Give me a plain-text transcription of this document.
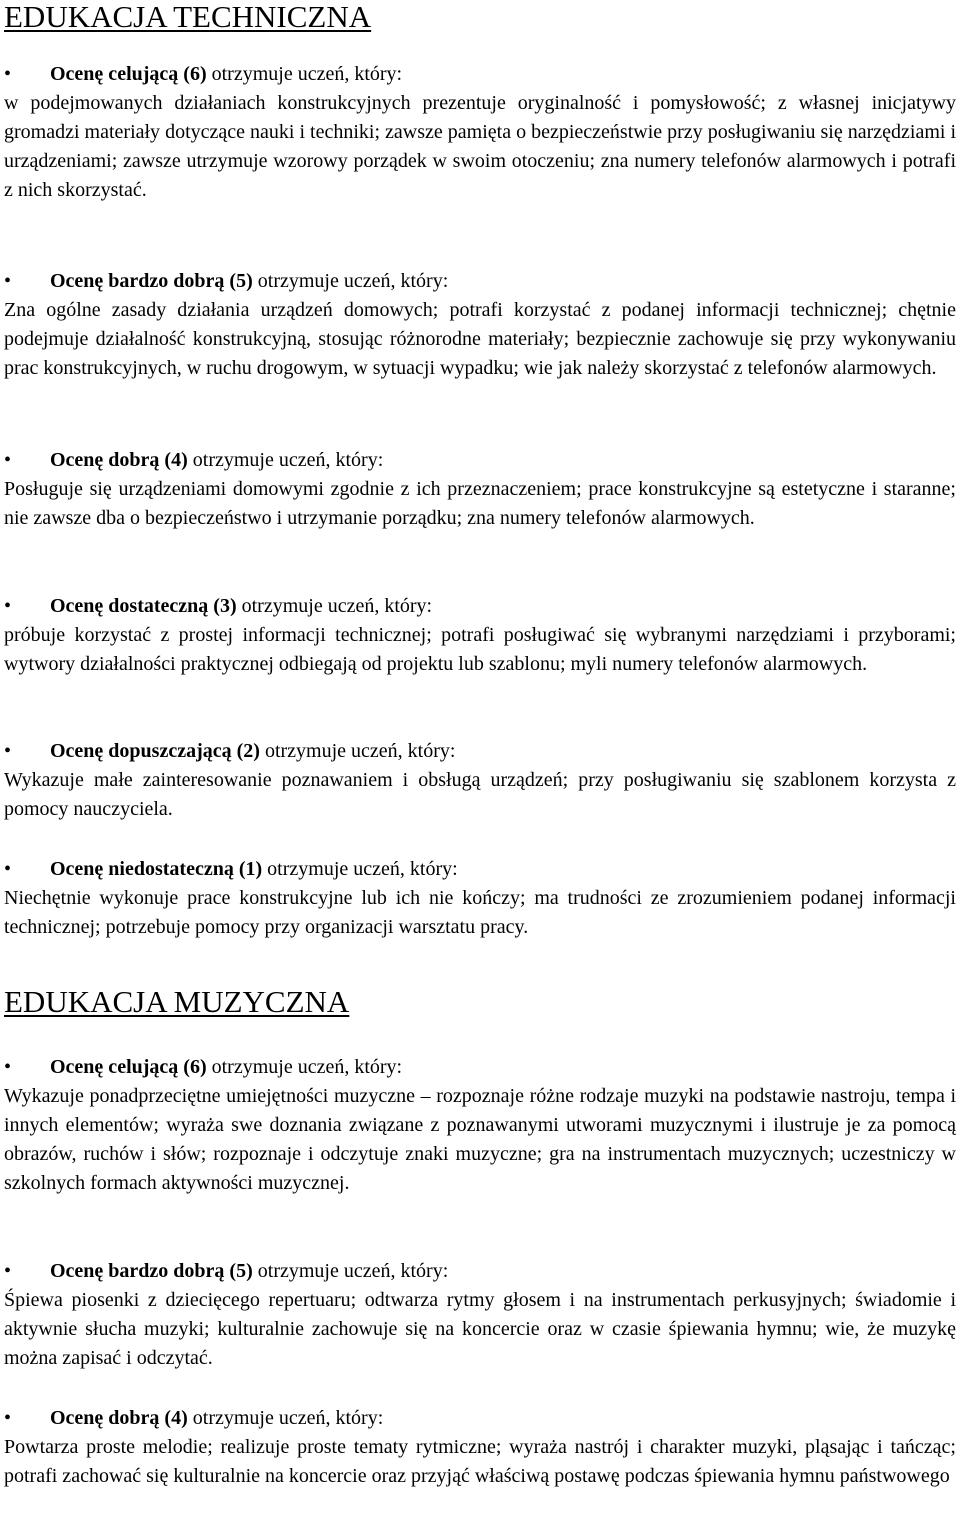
EDUKACJA TECHNICZNA
• Ocenę celującą (6) otrzymuje uczeń, który:

w podejmowanych działaniach konstrukcyjnych prezentuje oryginalność i pomysłowość; z własnej inicjatywy gromadzi materiały dotyczące nauki i techniki; zawsze pamięta o bezpieczeństwie przy posługiwaniu się narzędziami i urządzeniami; zawsze utrzymuje wzorowy porządek w swoim otoczeniu; zna numery telefonów alarmowych i potrafi z nich skorzystać.

• Ocenę bardzo dobrą (5) otrzymuje uczeń, który:

Zna ogólne zasady działania urządzeń domowych; potrafi korzystać z podanej informacji technicznej; chętnie podejmuje działalność konstrukcyjną, stosując różnorodne materiały; bezpiecznie zachowuje się przy wykonywaniu prac konstrukcyjnych, w ruchu drogowym, w sytuacji wypadku; wie jak należy skorzystać z telefonów alarmowych.

• Ocenę dobrą (4) otrzymuje uczeń, który:

Posługuje się urządzeniami domowymi zgodnie z ich przeznaczeniem; prace konstrukcyjne są estetyczne i staranne; nie zawsze dba o bezpieczeństwo i utrzymanie porządku; zna numery telefonów alarmowych.

• Ocenę dostateczną (3) otrzymuje uczeń, który:

próbuje korzystać z prostej informacji technicznej; potrafi posługiwać się wybranymi narzędziami i przyborami; wytwory działalności praktycznej odbiegają od projektu lub szablonu; myli numery telefonów alarmowych.

• Ocenę dopuszczającą (2) otrzymuje uczeń, który:

Wykazuje małe zainteresowanie poznawaniem i obsługą urządzeń; przy posługiwaniu się szablonem korzysta z pomocy nauczyciela.

• Ocenę niedostateczną (1) otrzymuje uczeń, który:

Niechętnie wykonuje prace konstrukcyjne lub ich nie kończy; ma trudności ze zrozumieniem podanej informacji technicznej; potrzebuje pomocy przy organizacji warsztatu pracy.

EDUKACJA MUZYCZNA
• Ocenę celującą (6) otrzymuje uczeń, który:

Wykazuje ponadprzeciętne umiejętności muzyczne – rozpoznaje różne rodzaje muzyki na podstawie nastroju, tempa i innych elementów; wyraża swe doznania związane z poznawanymi utworami muzycznymi i ilustruje je za pomocą obrazów, ruchów i słów; rozpoznaje i odczytuje znaki muzyczne; gra na instrumentach muzycznych; uczestniczy w szkolnych formach aktywności muzycznej.

• Ocenę bardzo dobrą (5) otrzymuje uczeń, który:

Śpiewa piosenki z dziecięcego repertuaru; odtwarza rytmy głosem i na instrumentach perkusyjnych; świadomie i aktywnie słucha muzyki; kulturalnie zachowuje się na koncercie oraz w czasie śpiewania hymnu; wie, że muzykę można zapisać i odczytać.

• Ocenę dobrą (4) otrzymuje uczeń, który:

Powtarza proste melodie; realizuje proste tematy rytmiczne; wyraża nastrój i charakter muzyki, pląsając i tańcząc; potrafi zachować się kulturalnie na koncercie oraz przyjąć właściwą postawę podczas śpiewania hymnu państwowego
